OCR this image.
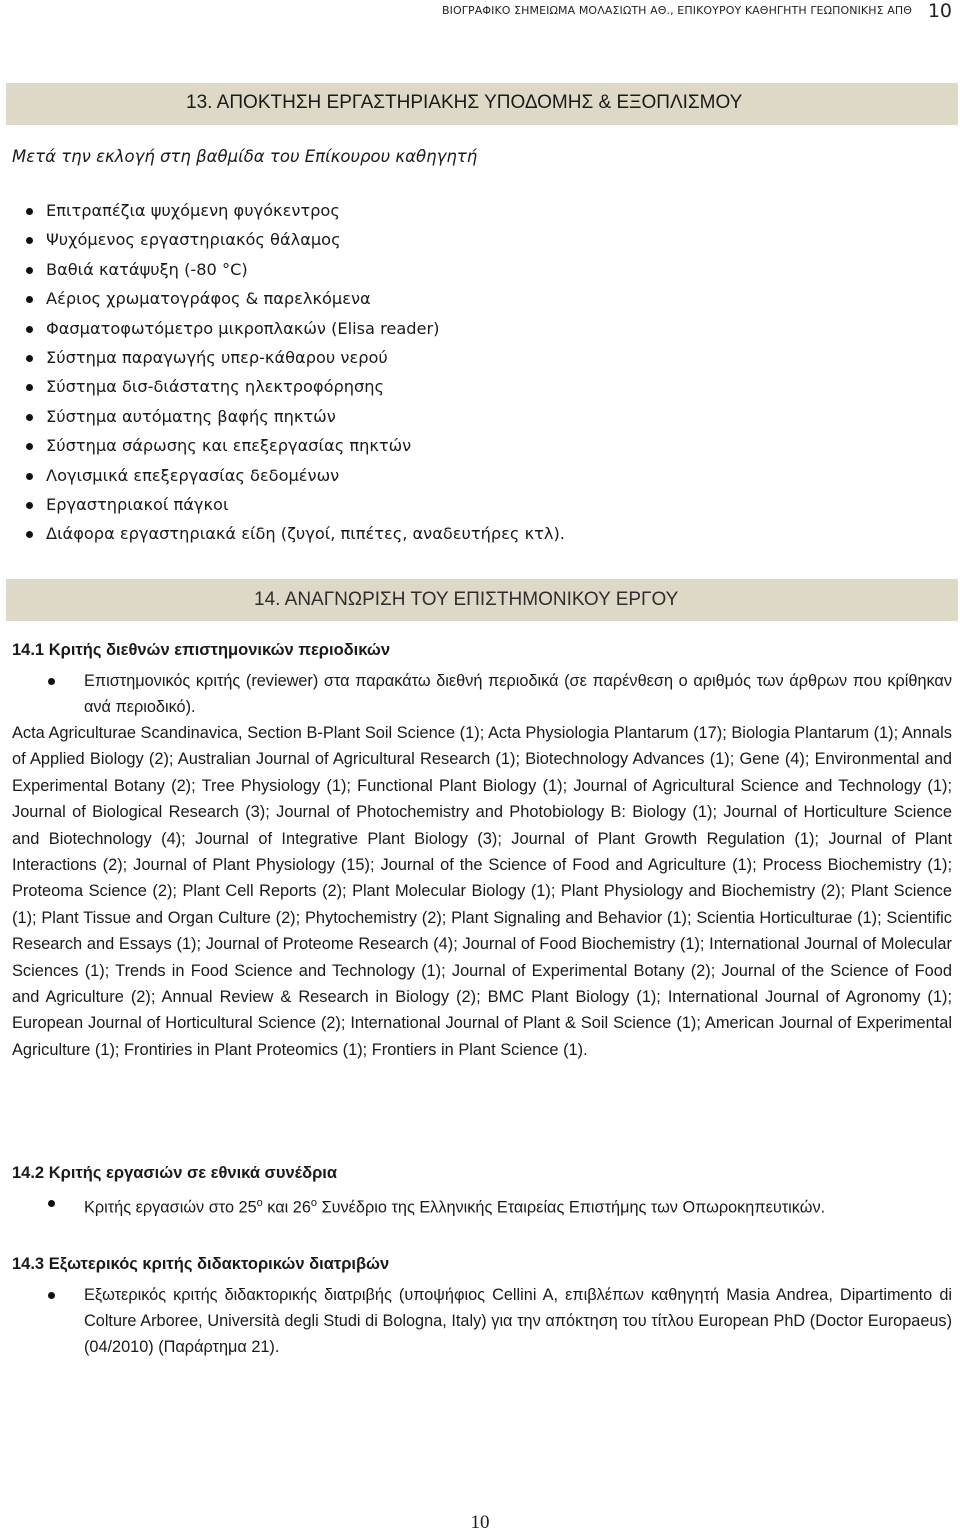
ΒΙΟΓΡΑΦΙΚΟ ΣΗΜΕΙΩΜΑ ΜΟΛΑΣΙΩΤΗ ΑΘ., ΕΠΙΚΟΥΡΟΥ ΚΑΘΗΓΗΤΗ ΓΕΩΠΟΝΙΚΗΣ ΑΠΘ 10
13. ΑΠΟΚΤΗΣΗ ΕΡΓΑΣΤΗΡΙΑΚΗΣ ΥΠΟΔΟΜΗΣ & ΕΞΟΠΛΙΣΜΟΥ
Μετά την εκλογή στη βαθμίδα του Επίκουρου καθηγητή
Επιτραπέζια ψυχόμενη φυγόκεντρος
Ψυχόμενος εργαστηριακός θάλαμος
Βαθιά κατάψυξη (-80 °C)
Αέριος χρωματογράφος & παρελκόμενα
Φασματοφωτόμετρο μικροπλακών (Elisa reader)
Σύστημα παραγωγής υπερ-κάθαρου νερού
Σύστημα δισ-διάστατης ηλεκτροφόρησης
Σύστημα αυτόματης βαφής πηκτών
Σύστημα σάρωσης και επεξεργασίας πηκτών
Λογισμικά επεξεργασίας δεδομένων
Εργαστηριακοί πάγκοι
Διάφορα εργαστηριακά είδη (ζυγοί, πιπέτες, αναδευτήρες κτλ).
14. ΑΝΑΓΝΩΡΙΣΗ ΤΟΥ ΕΠΙΣΤΗΜΟΝΙΚΟΥ ΕΡΓΟΥ
14.1 Κριτής διεθνών επιστημονικών περιοδικών
Επιστημονικός κριτής (reviewer) στα παρακάτω διεθνή περιοδικά (σε παρένθεση ο αριθμός των άρθρων που κρίθηκαν ανά περιοδικό).
Acta Agriculturae Scandinavica, Section B-Plant Soil Science (1); Acta Physiologia Plantarum (17); Biologia Plantarum (1); Annals of Applied Biology (2); Australian Journal of Agricultural Research (1); Biotechnology Advances (1); Gene (4); Environmental and Experimental Botany (2); Tree Physiology (1); Functional Plant Biology (1); Journal of Agricultural Science and Technology (1); Journal of Biological Research (3); Journal of Photochemistry and Photobiology B: Biology (1); Journal of Horticulture Science and Biotechnology (4); Journal of Integrative Plant Biology (3); Journal of Plant Growth Regulation (1); Journal of Plant Interactions (2); Journal of Plant Physiology (15); Journal of the Science of Food and Agriculture (1); Process Biochemistry (1); Proteoma Science (2); Plant Cell Reports (2); Plant Molecular Biology (1); Plant Physiology and Biochemistry (2); Plant Science (1); Plant Tissue and Organ Culture (2); Phytochemistry (2); Plant Signaling and Behavior (1); Scientia Horticulturae (1); Scientific Research and Essays (1); Journal of Proteome Research (4); Journal of Food Biochemistry (1); International Journal of Molecular Sciences (1); Trends in Food Science and Technology (1); Journal of Experimental Botany (2); Journal of the Science of Food and Agriculture (2); Annual Review & Research in Biology (2); BMC Plant Biology (1); International Journal of Agronomy (1); European Journal of Horticultural Science (2); International Journal of Plant & Soil Science (1); American Journal of Experimental Agriculture (1); Frontiries in Plant Proteomics (1); Frontiers in Plant Science (1).
14.2 Κριτής εργασιών σε εθνικά συνέδρια
Κριτής εργασιών στο $25^o$ και $26^o$ Συνέδριο της Ελληνικής Εταιρείας Επιστήμης των Οπωροκηπευτικών.
14.3 Εξωτερικός κριτής διδακτορικών διατριβών
Εξωτερικός κριτής διδακτορικής διατριβής (υποψήφιος Cellini A, επιβλέπων καθηγητή Masia Andrea, Dipartimento di Colture Arboree, Università degli Studi di Bologna, Italy) για την απόκτηση του τίτλου European PhD (Doctor Europaeus) (04/2010) (Παράρτημα 21).
10
